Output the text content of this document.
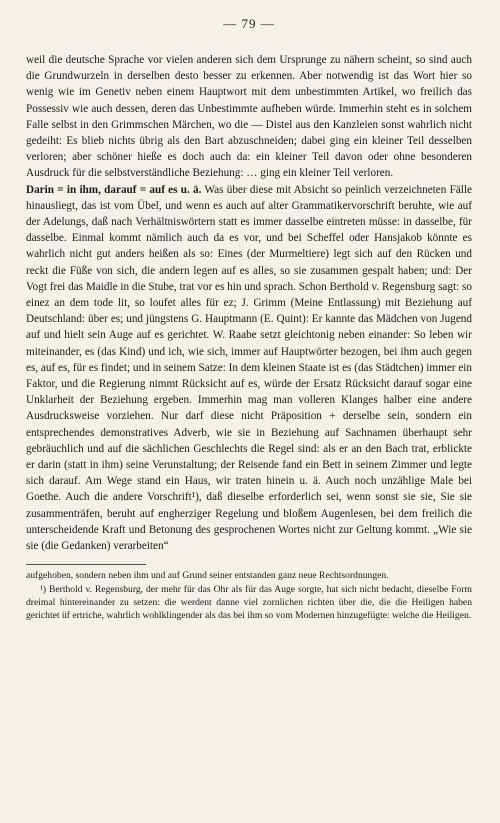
— 79 —

weil die deutsche Sprache vor vielen anderen sich dem Ursprunge zu nähern scheint, so sind auch die Grundwurzeln in derselben desto besser zu erkennen. Aber notwendig ist das Wort hier so wenig wie im Genetiv neben einem Hauptwort mit dem unbestimmten Artikel, wo freilich das Possessiv wie auch dessen, deren das Unbestimmte aufheben würde. Immerhin steht es in solchem Falle selbst in den Grimmschen Märchen, wo die — Distel aus den Kanzleien sonst wahrlich nicht gedeiht: Es blieb nichts übrig als den Bart abzuschneiden; dabei ging ein kleiner Teil desselben verloren; aber schöner hieße es doch auch da: ein kleiner Teil davon oder ohne besonderen Ausdruck für die selbstverständliche Beziehung: … ging ein kleiner Teil verloren.

Darin = in ihm, darauf = auf es u. ä. Was über diese mit Absicht so peinlich verzeichneten Fälle hinausliegt, das ist vom Übel, und wenn es auch auf alter Grammatikervorschrift beruhte, wie auf der Adelungs, daß nach Verhältniswörtern statt es immer dasselbe eintreten müsse: in dasselbe, für dasselbe. Einmal kommt nämlich auch da es vor, und bei Scheffel oder Hansjakob könnte es wahrlich nicht gut anders heißen als so: Eines (der Murmeltiere) legt sich auf den Rücken und reckt die Füße von sich, die andern legen auf es alles, so sie zusammen gespalt haben; und: Der Vogt frei das Maidle in die Stube, trat vor es hin und sprach. Schon Berthold v. Regensburg sagt: so einez an dem tode lit, so loufet alles für ez; J. Grimm (Meine Entlassung) mit Beziehung auf Deutschland: über es; und jüngstens G. Hauptmann (E. Quint): Er kannte das Mädchen von Jugend auf und hielt sein Auge auf es gerichtet. W. Raabe setzt gleichtonig neben einander: So leben wir miteinander, es (das Kind) und ich, wie sich, immer auf Hauptwörter bezogen, bei ihm auch gegen es, auf es, für es findet; und in seinem Satze: In dem kleinen Staate ist es (das Städtchen) immer ein Faktor, und die Regierung nimmt Rücksicht auf es, würde der Ersatz Rücksicht darauf sogar eine Unklarheit der Beziehung ergeben. Immerhin mag man volleren Klanges halber eine andere Ausdrucksweise vorziehen. Nur darf diese nicht Präposition + derselbe sein, sondern ein entsprechendes demonstratives Adverb, wie sie in Beziehung auf Sachnamen überhaupt sehr gebräuchlich und auf die sächlichen Geschlechts die Regel sind: als er an den Bach trat, erblickte er darin (statt in ihm) seine Verunstaltung; der Reisende fand ein Bett in seinem Zimmer und legte sich darauf. Am Wege stand ein Haus, wir traten hinein u. ä. Auch noch unzählige Male bei Goethe. Auch die andere Vorschrift¹), daß dieselbe erforderlich sei, wenn sonst sie sie, Sie sie zusammenträfen, beruht auf engherziger Regelung und bloßem Augenlesen, bei dem freilich die unterscheidende Kraft und Betonung des gesprochenen Wortes nicht zur Geltung kommt. „Wie sie sie (die Gedanken) verarbeiten“

aufgehoben, sondern neben ihm und auf Grund seiner entstanden ganz neue Rechtsordnungen.

¹) Berthold v. Regensburg, der mehr für das Ohr als für das Auge sorgte, hat sich nicht bedacht, dieselbe Form dreimal hintereinander zu setzen: die werdent danne viel zornlichen richten über die, die die Heiligen haben gerichtet üf ertriche, wahrlich wohlklingender als das bei ihm so vom Modernen hinzugefügte: welche die Heiligen.
